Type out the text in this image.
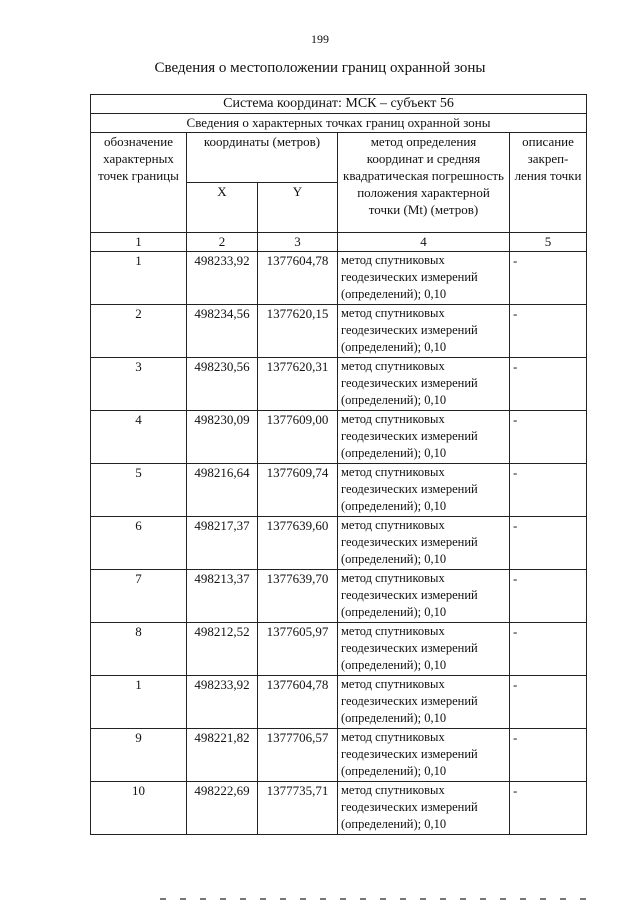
199
Сведения о местоположении границ охранной зоны
Система координат: МСК – субъект 56				
Сведения о характерных точках границ охранной зоны				
обозначение характерных точек границы	координаты (метров)		метод определения координат и средняя квадратическая погрешность положения характерной точки (Mt) (метров)	описание закреп-ления точки
	X	Y		
1	2	3	4	5
1	498233,92	1377604,78	метод спутниковых геодезических измерений (определений); 0,10	-
2	498234,56	1377620,15	метод спутниковых геодезических измерений (определений); 0,10	-
3	498230,56	1377620,31	метод спутниковых геодезических измерений (определений); 0,10	-
4	498230,09	1377609,00	метод спутниковых геодезических измерений (определений); 0,10	-
5	498216,64	1377609,74	метод спутниковых геодезических измерений (определений); 0,10	-
6	498217,37	1377639,60	метод спутниковых геодезических измерений (определений); 0,10	-
7	498213,37	1377639,70	метод спутниковых геодезических измерений (определений); 0,10	-
8	498212,52	1377605,97	метод спутниковых геодезических измерений (определений); 0,10	-
1	498233,92	1377604,78	метод спутниковых геодезических измерений (определений); 0,10	-
9	498221,82	1377706,57	метод спутниковых геодезических измерений (определений); 0,10	-
10	498222,69	1377735,71	метод спутниковых геодезических измерений (определений); 0,10	-
